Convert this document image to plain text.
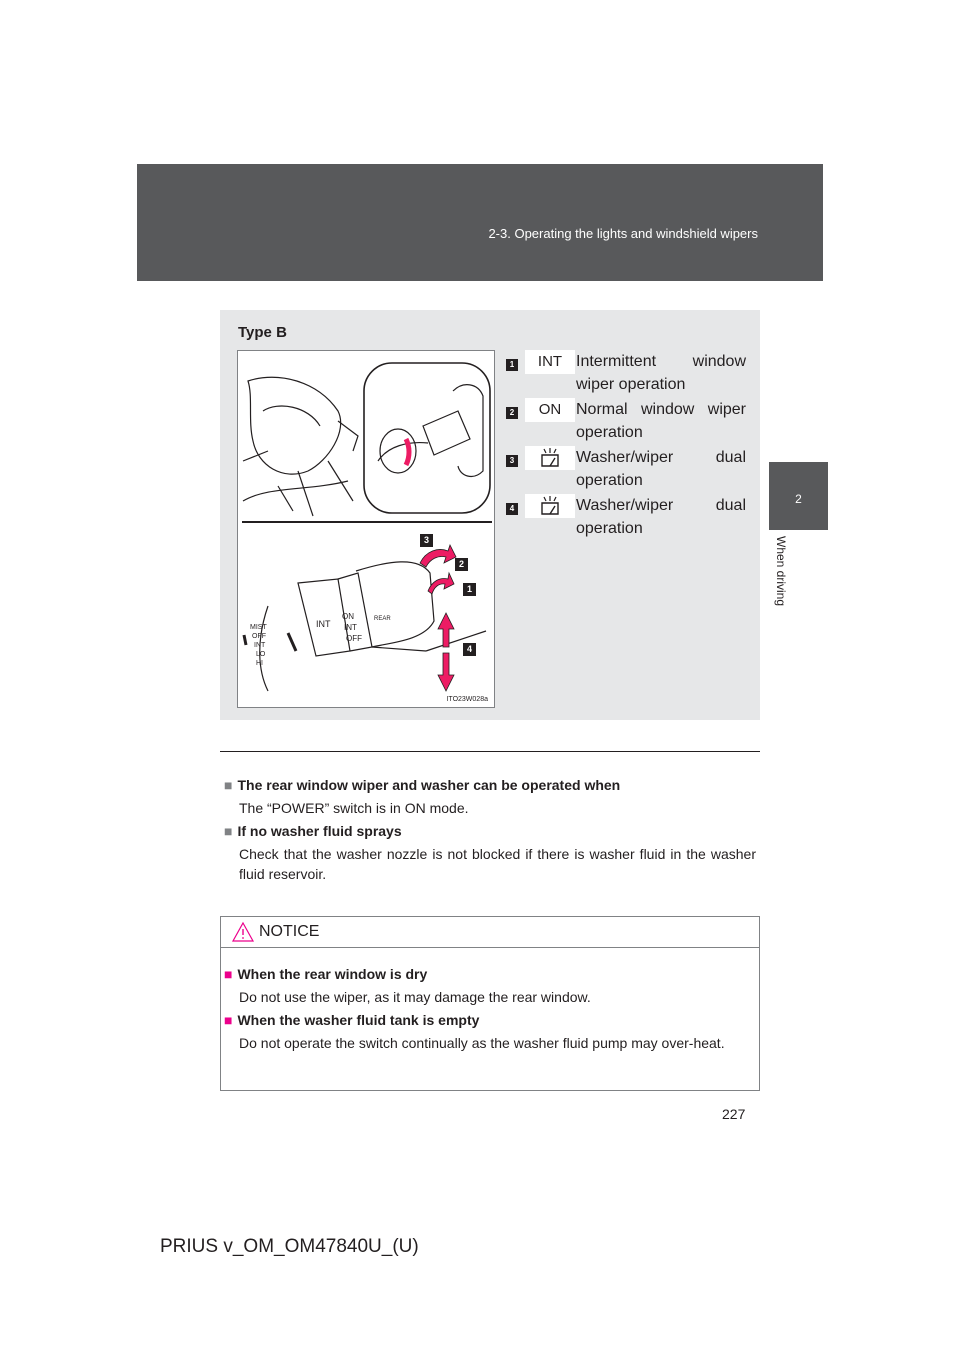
2-3. Operating the lights and windshield wipers
2
When driving
Type B
MIST
OFF
INT
LO
HI
INT
ON
INT
OFF
REAR
3
2
1
4
ITO23W028a
1	INT Intermittent window wiper operation
2	ON Normal window wiper operation
3	Washer/wiper dual operation
4	Washer/wiper dual operation
■ The rear window wiper and washer can be operated when
The “POWER” switch is in ON mode.
■ If no washer fluid sprays
Check that the washer nozzle is not blocked if there is washer fluid in the washer fluid reservoir.
NOTICE
■ When the rear window is dry
Do not use the wiper, as it may damage the rear window.
■ When the washer fluid tank is empty
Do not operate the switch continually as the washer fluid pump may over-heat.
227
PRIUS v_OM_OM47840U_(U)
